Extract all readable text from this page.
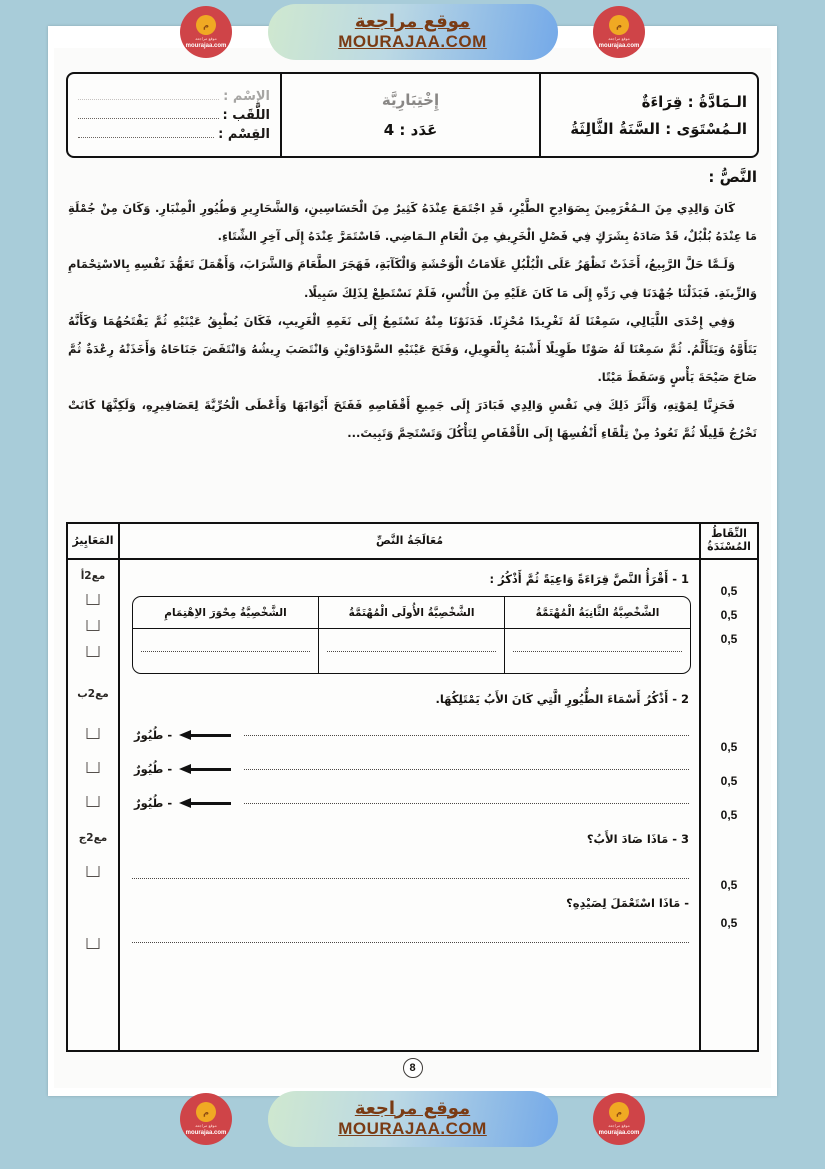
الـمَادَّةُ : قِرَاءَةٌ
الـمُسْتَوَى : السَّنَةُ الثَّالِثَةُ
إِخْتِبَارِيَّة
عَدَد : 4
الإِسْم :
اللَّقَب :
القِسْم :
النَّصُّ :

كَانَ وَالِدِي مِنَ الـمُغْرَمِينَ بِصَوَادِحِ الطَّيْرِ، قَدِ اجْتَمَعَ عِنْدَهُ كَثِيرٌ مِنَ الْحَسَاسِينِ، وَالشَّحَارِيرِ وَطُيُورِ الْمِنْبَارِ. وَكَانَ مِنْ جُمْلَةِ مَا عِنْدَهُ بُلْبُلٌ، قَدْ صَادَهُ بِشَرَكٍ فِي فَصْلِ الْخَرِيفِ مِنَ الْعَامِ الـمَاضِي. فَاسْتَمَرَّ عِنْدَهُ إِلَى آخِرِ الشِّتَاءِ.

وَلَـمَّا حَلَّ الرَّبِيعُ، أَخَذَتْ تَظْهَرُ عَلَى الْبُلْبُلِ عَلَامَاتُ الْوَحْشَةِ وَالْكَآبَةِ، فَهَجَرَ الطَّعَامَ وَالشَّرَابَ، وَأَهْمَلَ تَعَهُّدَ نَفْسِهِ بِالاسْتِحْمَامِ وَالزِّينَةِ. فَبَذَلْنَا جُهْدَنَا فِي رَدِّهِ إِلَى مَا كَانَ عَلَيْهِ مِنَ الأُنْسِ، فَلَمْ نَسْتَطِعْ لِذَلِكَ سَبِيلًا.

وَفِي إِحْدَى اللَّيَالِي، سَمِعْنَا لَهُ تَغْرِيدًا مُحْزِنًا. فَدَنَوْنَا مِنْهُ نَسْتَمِعُ إِلَى نَغَمِهِ الْغَرِيبِ، فَكَانَ يُطْبِقُ عَيْنَيْهِ ثُمَّ يَفْتَحُهُمَا وَكَأَنَّهُ يَتَأَوَّهُ وَيَتَأَلَّمُ. ثُمَّ سَمِعْنَا لَهُ صَوْتًا طَوِيلًا أَشْبَهُ بِالْعَوِيلِ، وَفَتَحَ عَيْنَيْهِ السَّوْدَاوَيْنِ وَانْتَصَبَ رِيشُهُ وَانْتَفَضَ جَنَاحَاهُ وَأَخَذَتْهُ رِعْدَةٌ ثُمَّ صَاحَ صَيْحَةَ يَأْسٍ وَسَقَطَ مَيْتًا.

فَحَزِنَّا لِمَوْتِهِ، وَأَثَّرَ ذَلِكَ فِي نَفْسِ وَالِدِي فَبَادَرَ إِلَى جَمِيعِ أَقْفَاصِهِ فَفَتَحَ أَبْوَابَهَا وَأَعْطَى الْحُرِّيَّةَ لِعَصَافِيرِهِ، وَلَكِنَّهَا كَانَتْ تَخْرُجُ قَلِيلًا ثُمَّ تَعُودُ مِنْ تِلْقَاءِ أَنْفُسِهَا إِلَى الأَقْفَاصِ لِتَأْكُلَ وَتَسْتَحِمَّ وَتَبِيتَ...

النِّقَاطُ المُسْنَدَةُ
0,5
0,5
0,5
0,5
0,5
0,5
0,5
0,5
مُعَالَجَةُ النَّصِّ
1 - أَقْرَأُ النَّصَّ قِرَاءَةً وَاعِيَةً ثُمَّ أَذْكُرُ :
الشَّخْصِيَّةُ الثَّانِيَةُ الْمُهْتَمَّةُ
الشَّخْصِيَّةُ الأُولَى الْمُهْتَمَّةُ
الشَّخْصِيَّةُ مِحْوَرَ الاِهْتِمَامِ
2 - أَذْكُرُ أَسْمَاءَ الطُّيُورِ الَّتِي كَانَ الأَبُ يَمْتَلِكُهَا.
- طُيُورٌ
- طُيُورٌ
- طُيُورٌ
3 - مَاذَا صَادَ الأَبُ؟
- مَاذَا اسْتَعْمَلَ لِصَيْدِهِ؟
المَعَايِيرُ
مع2أ
مع2ب
مع2ج
8
م
موقع مراجعة
mourajaa.com
موقع مراجعة
MOURAJAA.COM
م
موقع مراجعة
mourajaa.com
م
موقع مراجعة
mourajaa.com
موقع مراجعة
MOURAJAA.COM
م
موقع مراجعة
mourajaa.com
